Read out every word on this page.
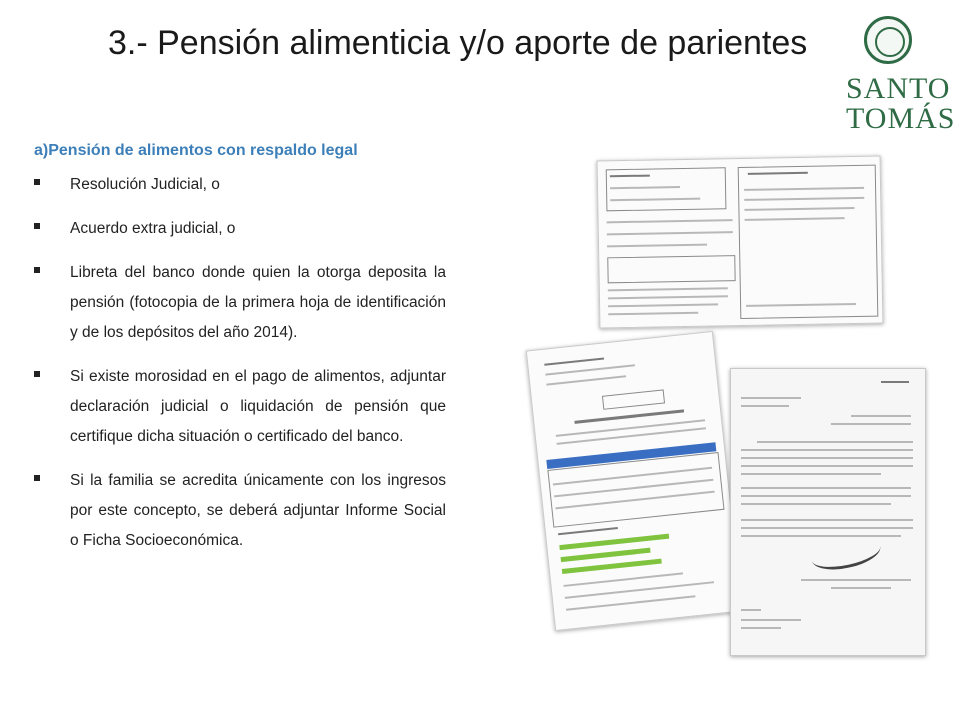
3.- Pensión alimenticia y/o aporte de parientes
SANTO
TOMÁS
a)Pensión de alimentos con respaldo legal
Resolución Judicial, o
Acuerdo extra judicial, o
Libreta del banco donde quien la otorga deposita la pensión (fotocopia de la primera hoja de identificación y de los depósitos del año 2014).
Si existe morosidad en el pago de alimentos, adjuntar declaración judicial o liquidación de pensión que certifique dicha situación o certificado del banco.
Si la familia se acredita únicamente con los ingresos por este concepto, se deberá adjuntar Informe Social o Ficha Socioeconómica.
